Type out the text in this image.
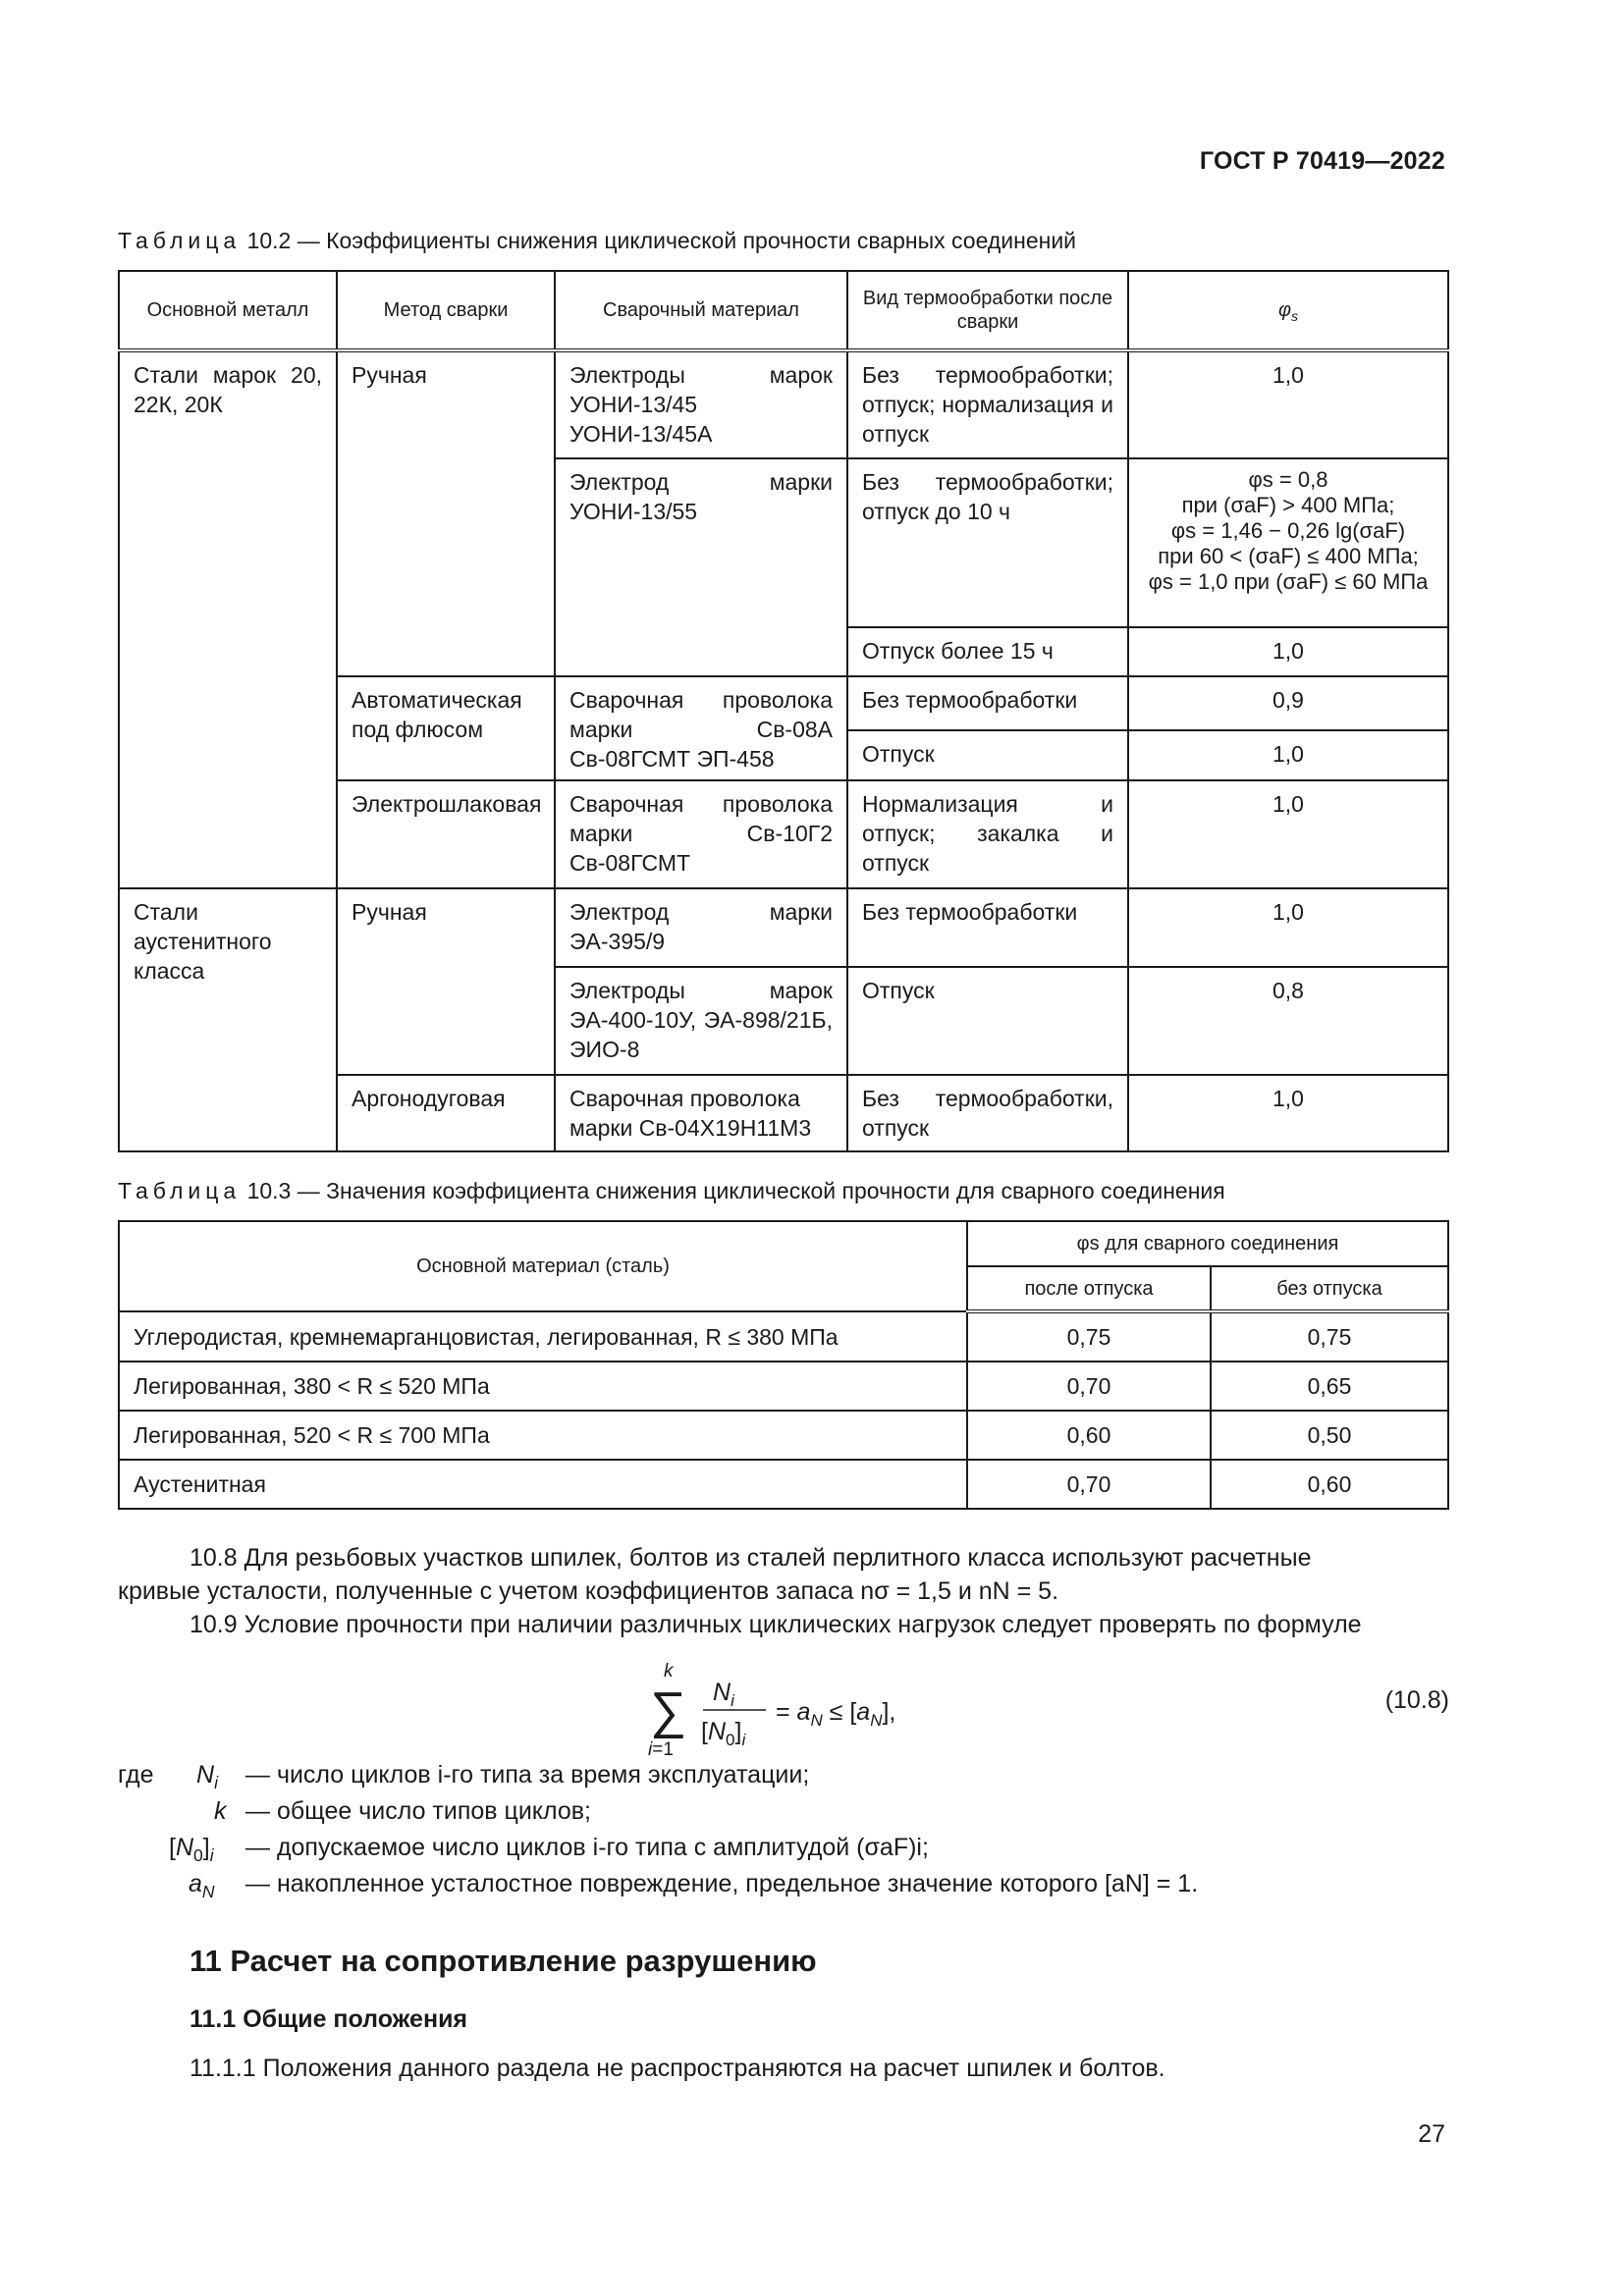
ГОСТ Р 70419—2022
Таблица 10.2 — Коэффициенты снижения циклической прочности сварных соединений
Основной металл	Метод сварки	Сварочный материал	Вид термообработки после сварки	$\varphi_s$
Стали марок 20, 22К, 20К	Ручная	Электроды марок УОНИ-13/45 УОНИ-13/45А	Без термообработки; отпуск; нормализация и отпуск	1,0
		Электрод марки УОНИ-13/55	Без термообработки; отпуск до 10 ч	φs = 0,8
при (σaF) > 400 МПа;
φs = 1,46 − 0,26 lg(σaF)
при 60 < (σaF) ≤ 400 МПа;
φs = 1,0 при (σaF) ≤ 60 МПа

			Отпуск более 15 ч	1,0
	Автоматическая под флюсом	Сварочная проволока марки Св-08А Св-08ГСМТ ЭП-458	Без термообработки	0,9
			Отпуск	1,0
	Электрошлаковая	Сварочная проволока марки Св-10Г2 Св-08ГСМТ	Нормализация и отпуск; закалка и отпуск	1,0
Стали аустенитного класса	Ручная	Электрод марки ЭА-395/9	Без термообработки	1,0
		Электроды марок ЭА-400-10У, ЭА-898/21Б, ЭИО-8	Отпуск	0,8
	Аргонодуговая	Сварочная проволока марки Св-04Х19Н11М3	Без термообработки, отпуск	1,0
Таблица 10.3 — Значения коэффициента снижения циклической прочности для сварного соединения
Основной материал (сталь)	φs для сварного соединения	
	после отпуска	без отпуска
Углеродистая, кремнемарганцовистая, легированная, R ≤ 380 МПа	0,75	0,75
Легированная, 380 < R ≤ 520 МПа	0,70	0,65
Легированная, 520 < R ≤ 700 МПа	0,60	0,50
Аустенитная	0,70	0,60
10.8 Для резьбовых участков шпилек, болтов из сталей перлитного класса используют расчетные
кривые усталости, полученные с учетом коэффициентов запаса nσ = 1,5 и nN = 5.
10.9 Условие прочности при наличии различных циклических нагрузок следует проверять по формуле
k
∑
i=1
$N_i$
$[N_0]_i$
= $a_N \le [a_N]$,	(10.8)
где $N_i$ — число циклов i-го типа за время эксплуатации;
k — общее число типов циклов;
$[N_0]_i$ — допускаемое число циклов i-го типа с амплитудой (σaF)i;
$a_N$ — накопленное усталостное повреждение, предельное значение которого [aN] = 1.
11 Расчет на сопротивление разрушению
11.1 Общие положения
11.1.1 Положения данного раздела не распространяются на расчет шпилек и болтов.
27
